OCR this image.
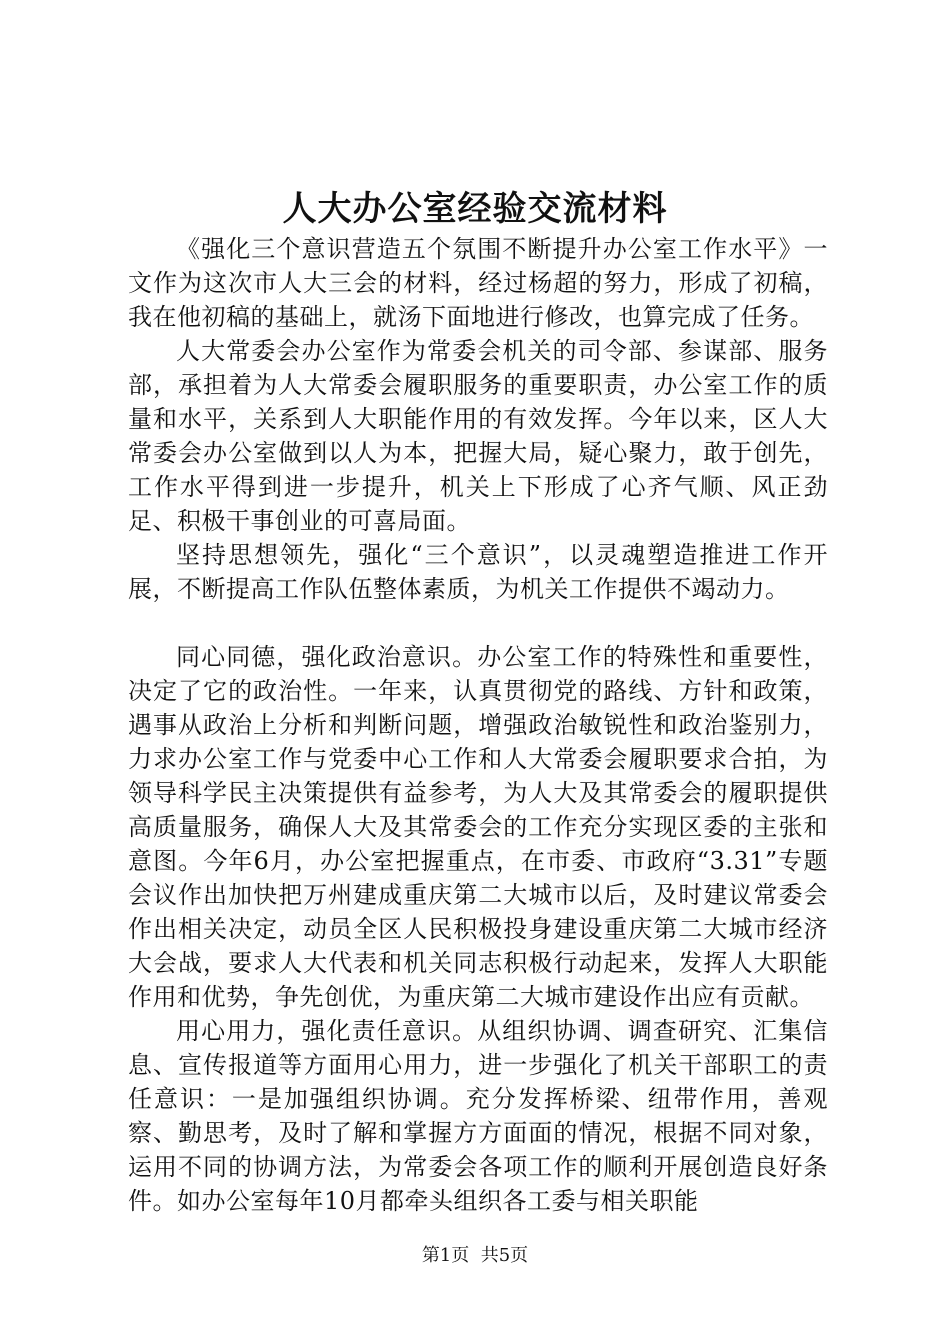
人大办公室经验交流材料

《强化三个意识营造五个氛围不断提升办公室工作水平》一文作为这次市人大三会的材料，经过杨超的努力，形成了初稿，我在他初稿的基础上，就汤下面地进行修改，也算完成了任务。

人大常委会办公室作为常委会机关的司令部、参谋部、服务部，承担着为人大常委会履职服务的重要职责，办公室工作的质量和水平，关系到人大职能作用的有效发挥。今年以来，区人大常委会办公室做到以人为本，把握大局，疑心聚力，敢于创先，工作水平得到进一步提升，机关上下形成了心齐气顺、风正劲足、积极干事创业的可喜局面。

坚持思想领先，强化“三个意识”，以灵魂塑造推进工作开展，不断提高工作队伍整体素质，为机关工作提供不竭动力。

同心同德，强化政治意识。办公室工作的特殊性和重要性，决定了它的政治性。一年来，认真贯彻党的路线、方针和政策，遇事从政治上分析和判断问题，增强政治敏锐性和政治鉴别力，力求办公室工作与党委中心工作和人大常委会履职要求合拍，为领导科学民主决策提供有益参考，为人大及其常委会的履职提供高质量服务，确保人大及其常委会的工作充分实现区委的主张和意图。今年6月，办公室把握重点，在市委、市政府“3.31”专题会议作出加快把万州建成重庆第二大城市以后，及时建议常委会作出相关决定，动员全区人民积极投身建设重庆第二大城市经济大会战，要求人大代表和机关同志积极行动起来，发挥人大职能作用和优势，争先创优，为重庆第二大城市建设作出应有贡献。

用心用力，强化责任意识。从组织协调、调查研究、汇集信息、宣传报道等方面用心用力，进一步强化了机关干部职工的责任意识：一是加强组织协调。充分发挥桥梁、纽带作用，善观察、勤思考，及时了解和掌握方方面面的情况，根据不同对象，运用不同的协调方法，为常委会各项工作的顺利开展创造良好条件。如办公室每年10月都牵头组织各工委与相关职能

第1页 共5页
